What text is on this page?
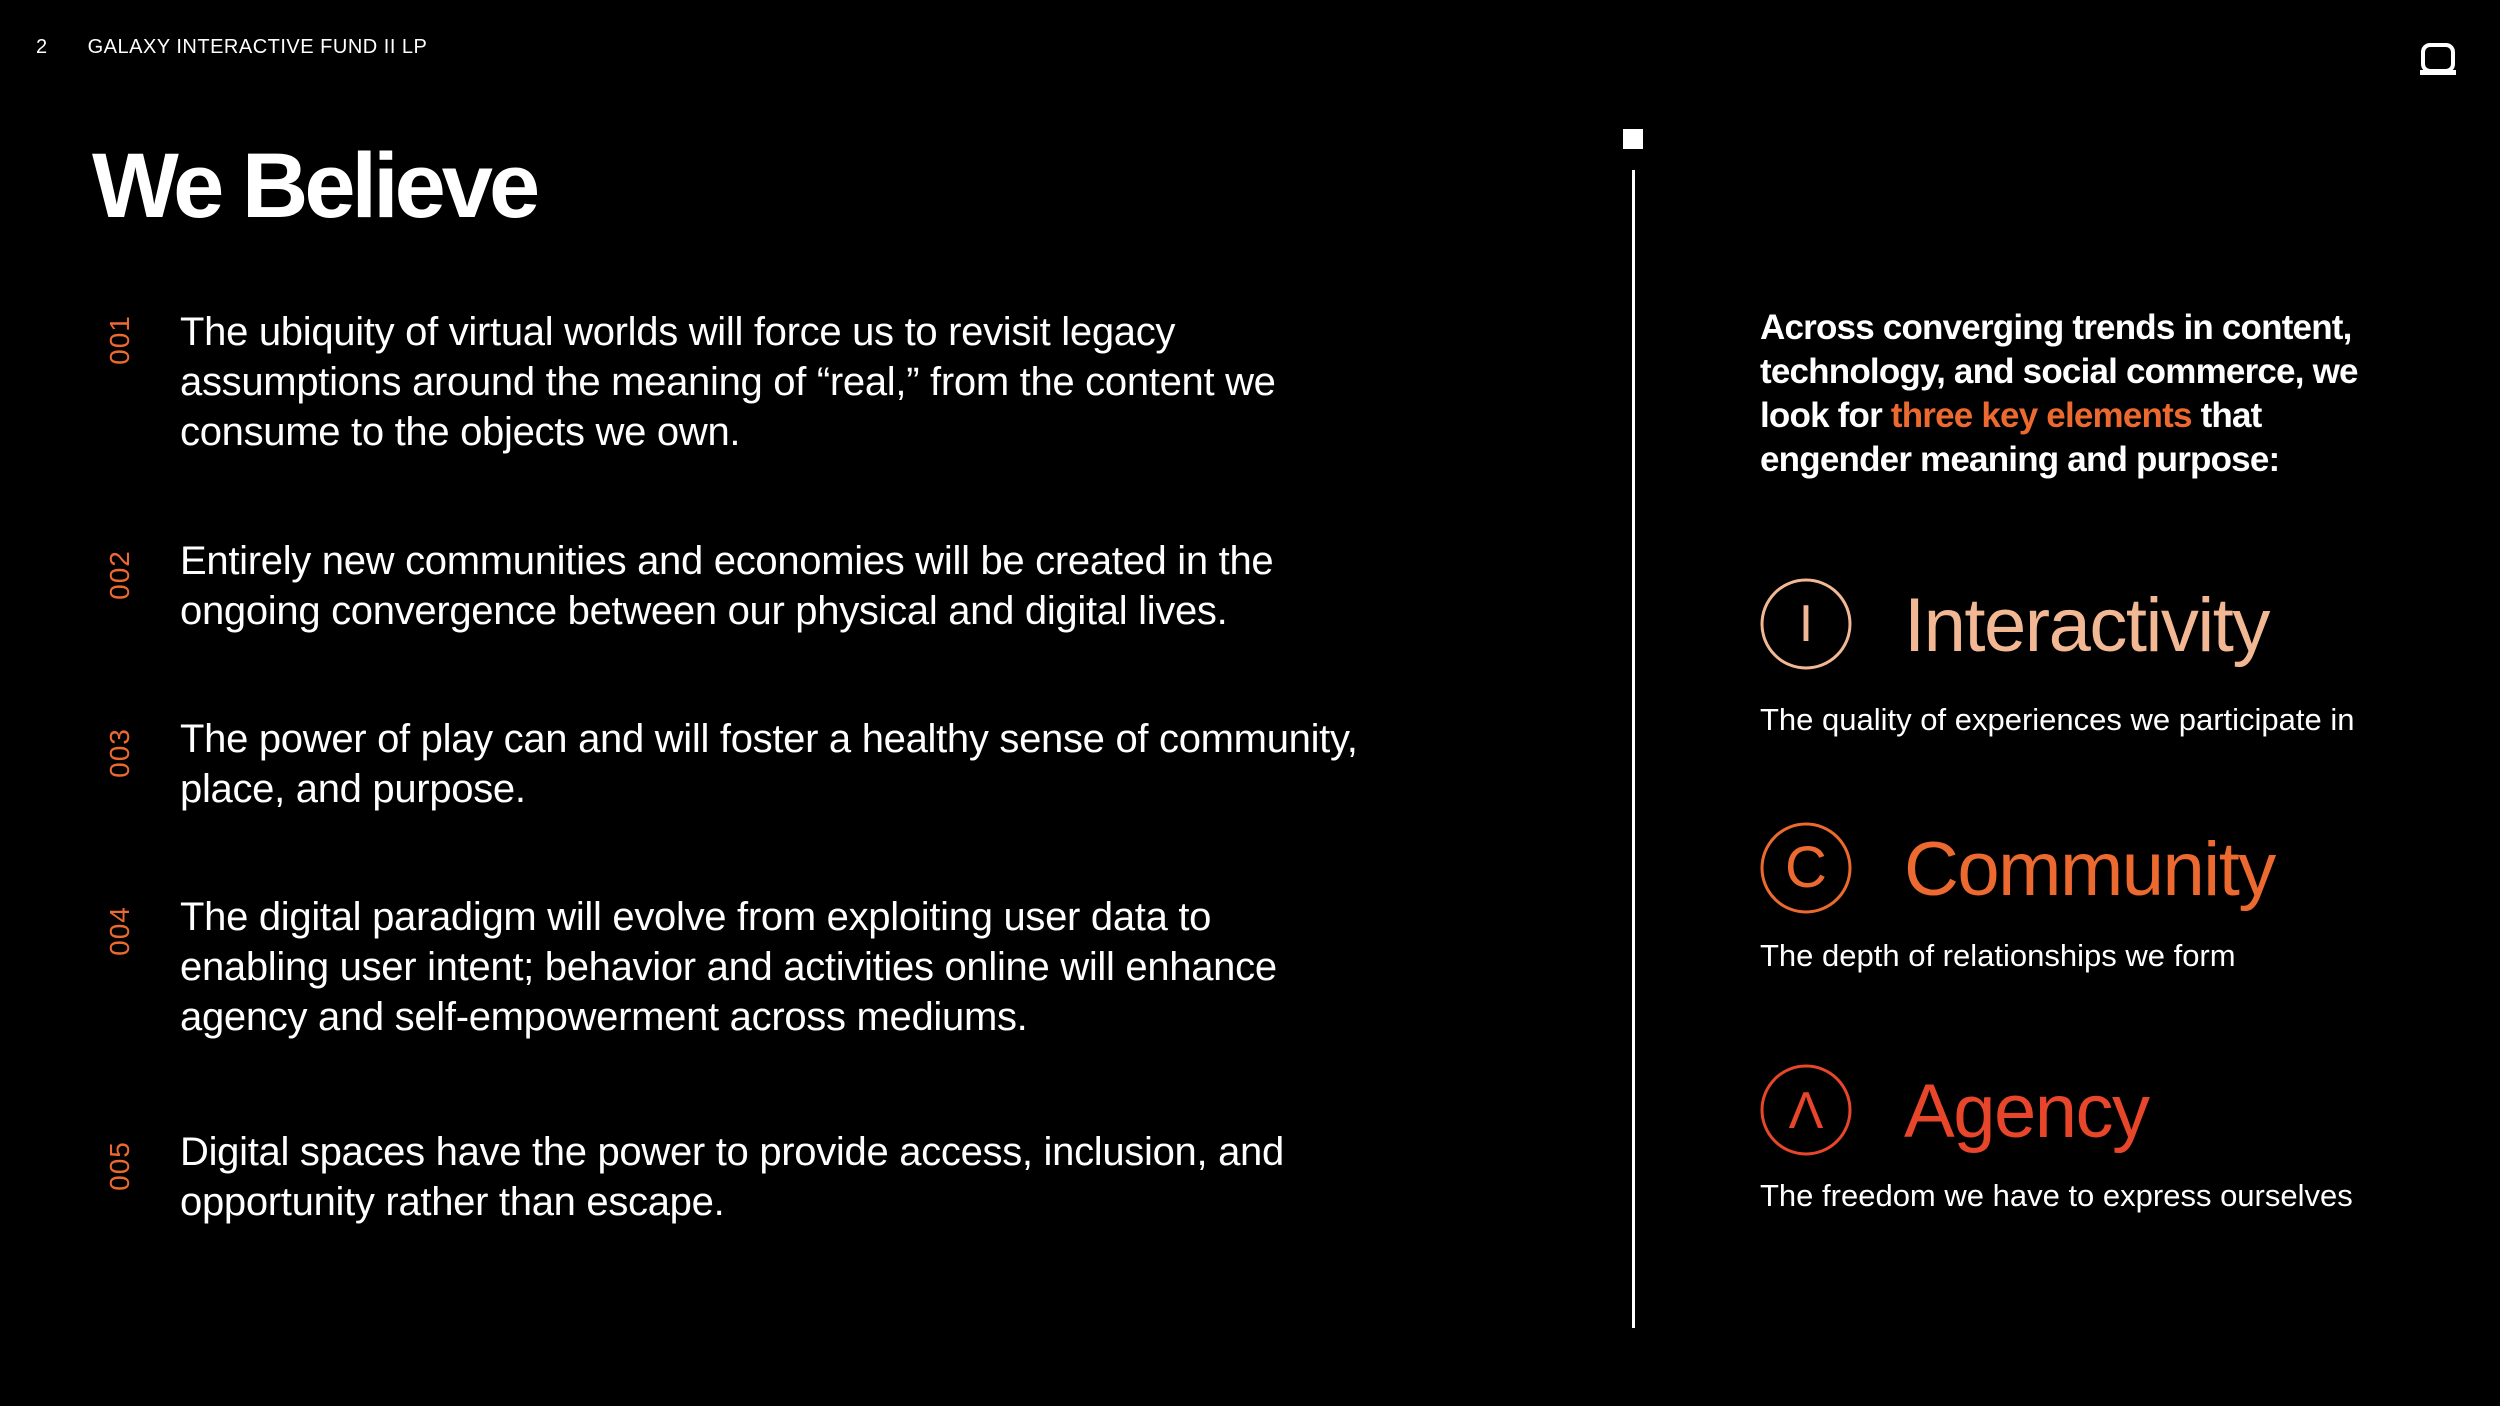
2 GALAXY INTERACTIVE FUND II LP
We Believe
001 The ubiquity of virtual worlds will force us to revisit legacy assumptions around the meaning of “real,” from the content we consume to the objects we own.
002 Entirely new communities and economies will be created in the ongoing convergence between our physical and digital lives.
003 The power of play can and will foster a healthy sense of community, place, and purpose.
004 The digital paradigm will evolve from exploiting user data to enabling user intent; behavior and activities online will enhance agency and self-empowerment across mediums.
005 Digital spaces have the power to provide access, inclusion, and opportunity rather than escape.
Across converging trends in content, technology, and social commerce, we look for three key elements that engender meaning and purpose:
I Interactivity
The quality of experiences we participate in
C Community
The depth of relationships we form
Λ Agency
The freedom we have to express ourselves
